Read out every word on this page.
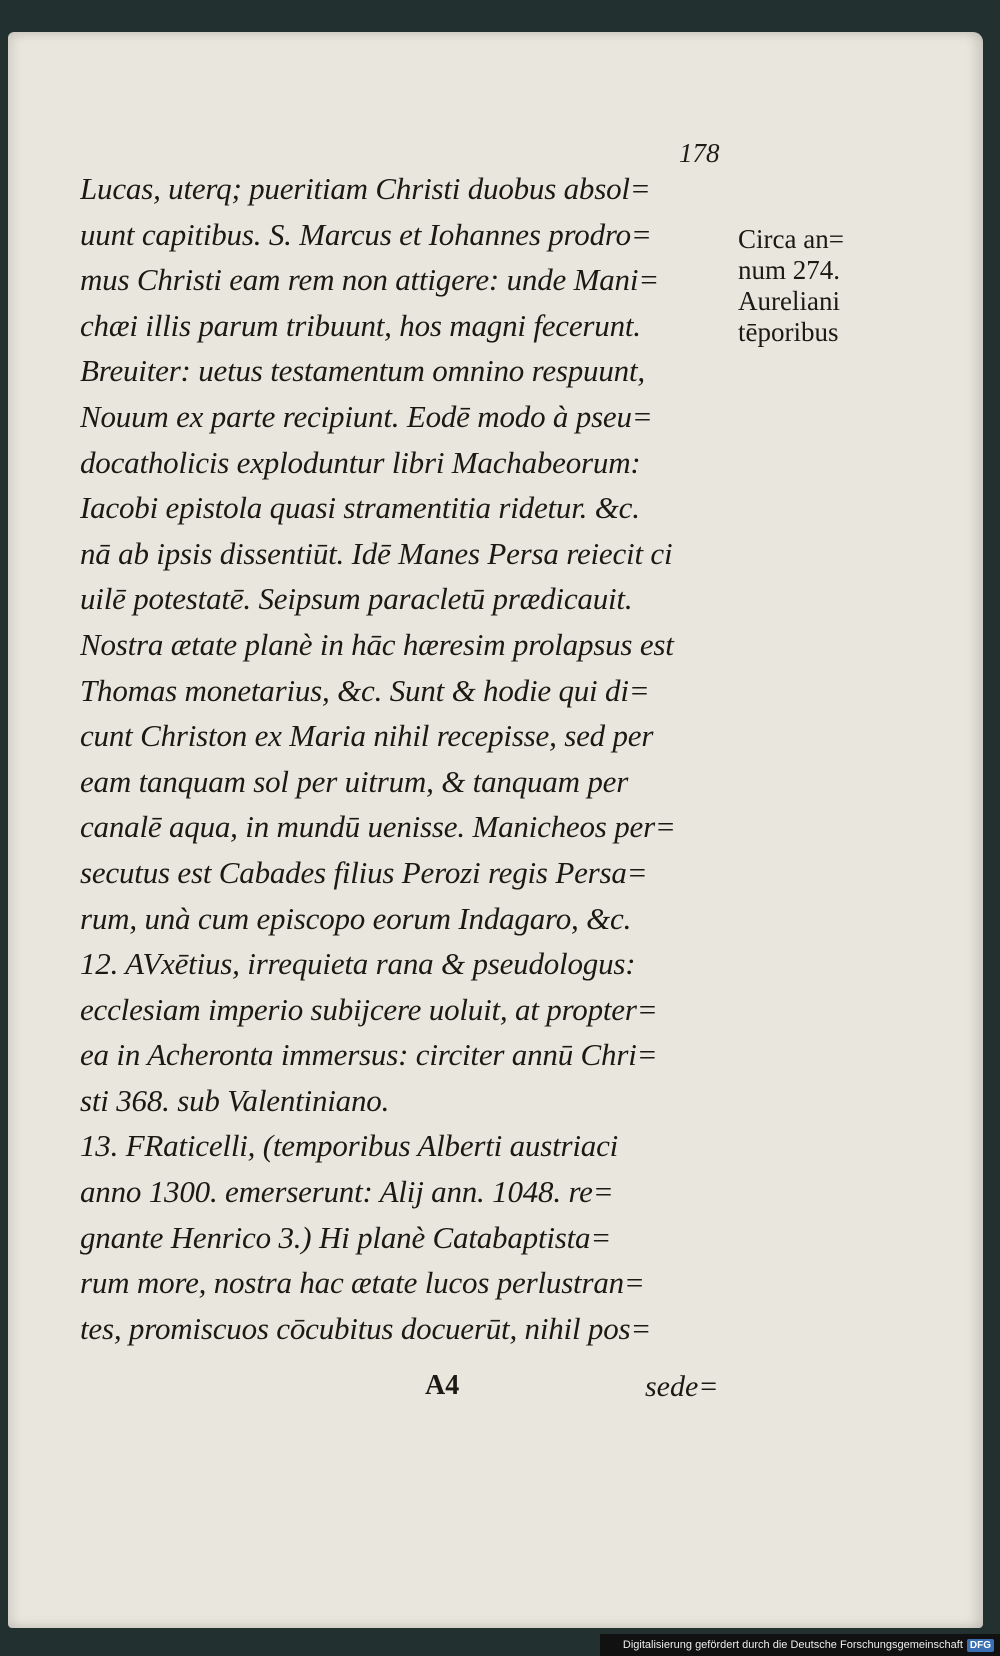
178
Circa an=
num 274.
Aureliani
tēporibus
Lucas, uterq; pueritiam Christi duobus absol=
uunt capitibus. S. Marcus et Iohannes prodro=
mus Christi eam rem non attigere: unde Mani=
chæi illis parum tribuunt, hos magni fecerunt.
Breuiter: uetus testamentum omnino respuunt,
Nouum ex parte recipiunt. Eodē modo à pseu=
docatholicis exploduntur libri Machabeorum:
Iacobi epistola quasi stramentitia ridetur. &c.
nā ab ipsis dissentiūt. Idē Manes Persa reiecit ci
uilē potestatē. Seipsum paracletū prædicauit.
Nostra ætate planè in hāc hæresim prolapsus est
Thomas monetarius, &c. Sunt & hodie qui di=
cunt Christon ex Maria nihil recepisse, sed per
eam tanquam sol per uitrum, & tanquam per
canalē aqua, in mundū uenisse. Manicheos per=
secutus est Cabades filius Perozi regis Persa=
rum, unà cum episcopo eorum Indagaro, &c.
12. AVxētius, irrequieta rana & pseudologus:
ecclesiam imperio subijcere uoluit, at propter=
ea in Acheronta immersus: circiter annū Chri=
sti 368. sub Valentiniano.
13. FRaticelli, (temporibus Alberti austriaci
anno 1300. emerserunt: Alij ann. 1048. re=
gnante Henrico 3.) Hi planè Catabaptista=
rum more, nostra hac ætate lucos perlustran=
tes, promiscuos cōcubitus docuerūt, nihil pos=
A4	sede=
Digitalisierung gefördert durch die Deutsche Forschungsgemeinschaft DFG
